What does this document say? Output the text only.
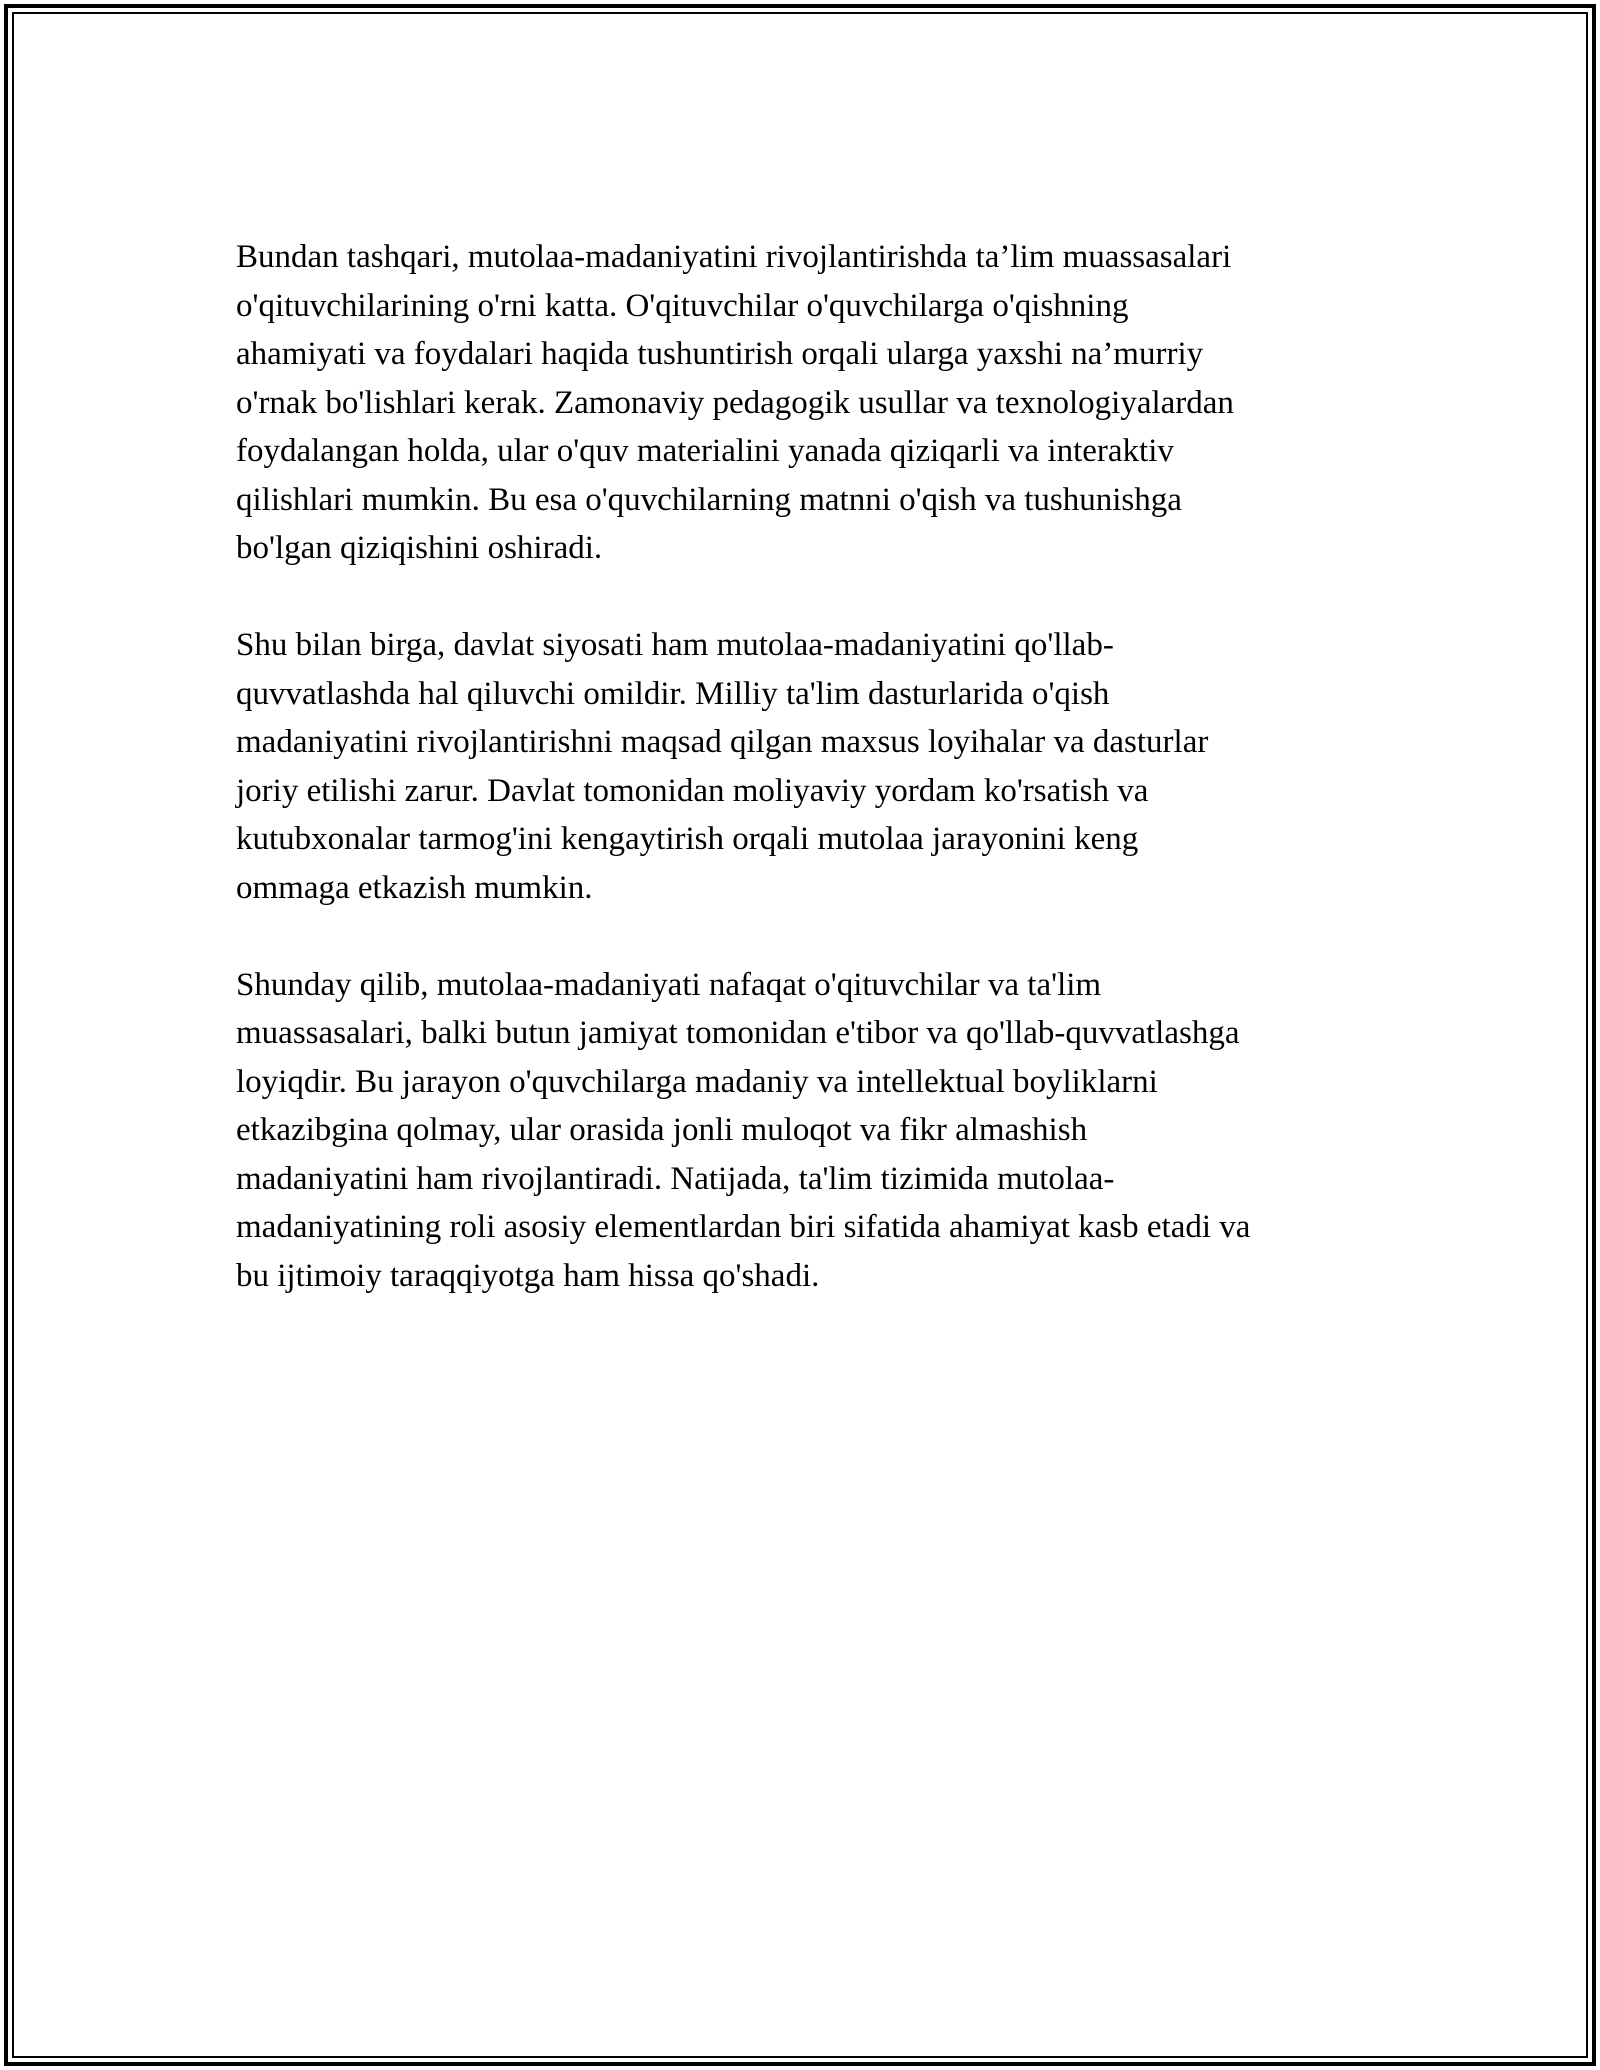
Bundan tashqari, mutolaa-madaniyatini rivojlantirishda ta’lim muassasalari
o'qituvchilarining o'rni katta. O'qituvchilar o'quvchilarga o'qishning
ahamiyati va foydalari haqida tushuntirish orqali ularga yaxshi na’murriy
o'rnak bo'lishlari kerak. Zamonaviy pedagogik usullar va texnologiyalardan
foydalangan holda, ular o'quv materialini yanada qiziqarli va interaktiv
qilishlari mumkin. Bu esa o'quvchilarning matnni o'qish va tushunishga
bo'lgan qiziqishini oshiradi.

Shu bilan birga, davlat siyosati ham mutolaa-madaniyatini qo'llab-
quvvatlashda hal qiluvchi omildir. Milliy ta'lim dasturlarida o'qish
madaniyatini rivojlantirishni maqsad qilgan maxsus loyihalar va dasturlar
joriy etilishi zarur. Davlat tomonidan moliyaviy yordam ko'rsatish va
kutubxonalar tarmog'ini kengaytirish orqali mutolaa jarayonini keng
ommaga etkazish mumkin.

Shunday qilib, mutolaa-madaniyati nafaqat o'qituvchilar va ta'lim
muassasalari, balki butun jamiyat tomonidan e'tibor va qo'llab-quvvatlashga
loyiqdir. Bu jarayon o'quvchilarga madaniy va intellektual boyliklarni
etkazibgina qolmay, ular orasida jonli muloqot va fikr almashish
madaniyatini ham rivojlantiradi. Natijada, ta'lim tizimida mutolaa-
madaniyatining roli asosiy elementlardan biri sifatida ahamiyat kasb etadi va
bu ijtimoiy taraqqiyotga ham hissa qo'shadi.
